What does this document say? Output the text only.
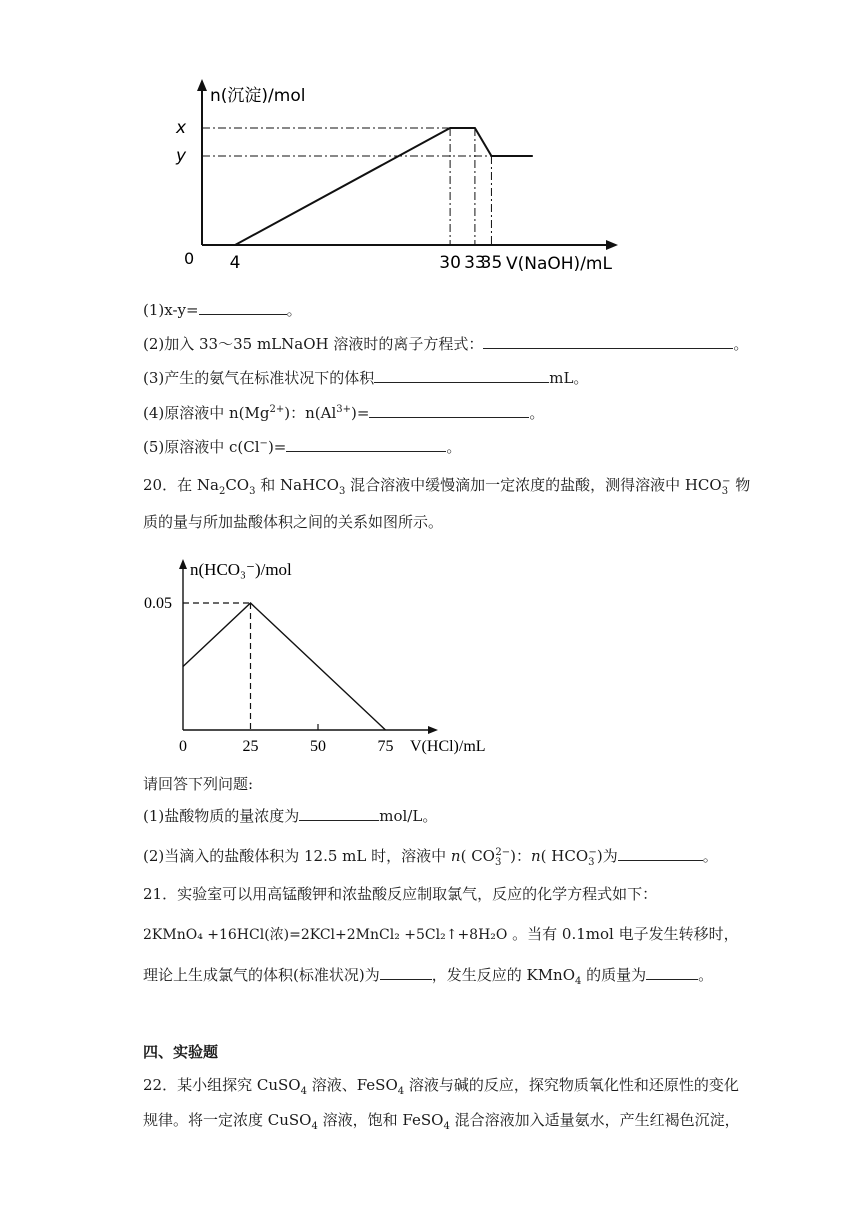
n(沉淀)/mol
V(NaOH)/mL
0 4	30 33
35
x
y
(1)x-y=	。
(2)加入 33～35 mLNaOH 溶液时的离子方程式：	。
(3)产生的氨气在标准状况下的体积	mL。
(4)原溶液中 $n(Mg^{2+})$：$n(Al^{3+})=$	。
(5)原溶液中 c(Cl−)=	。
20．在 $Na_2CO_3$ 和 NaHCO$_3$ 混合溶液中缓慢滴加一定浓度的盐酸，测得溶液中 $HCO_3^-$ 物
质的量与所加盐酸体积之间的关系如图所示。
n(HCO₃⁻)/mol
V(HCl)/mL
0	25	50	75
0.05
请回答下列问题:
(1)盐酸物质的量浓度为	mol/L。
(2)当滴入的盐酸体积为 12.5 mL 时，溶液中 n( $CO_3^{2-}$)：n( $HCO_3^-$)为	。
21．实验室可以用高锰酸钾和浓盐酸反应制取氯气，反应的化学方程式如下：
2KMnO₄ +16HCl(浓)=2KCl+2MnCl₂ +5Cl₂↑+8H₂O 。当有 0.1mol 电子发生转移时，
理论上生成氯气的体积(标准状况)为	，发生反应的 KMnO$_4$ 的质量为	。
四、实验题
22．某小组探究 CuSO$_4$ 溶液、FeSO$_4$ 溶液与碱的反应，探究物质氧化性和还原性的变化
规律。将一定浓度 CuSO$_4$ 溶液，饱和 FeSO$_4$ 混合溶液加入适量氨水，产生红褐色沉淀，
